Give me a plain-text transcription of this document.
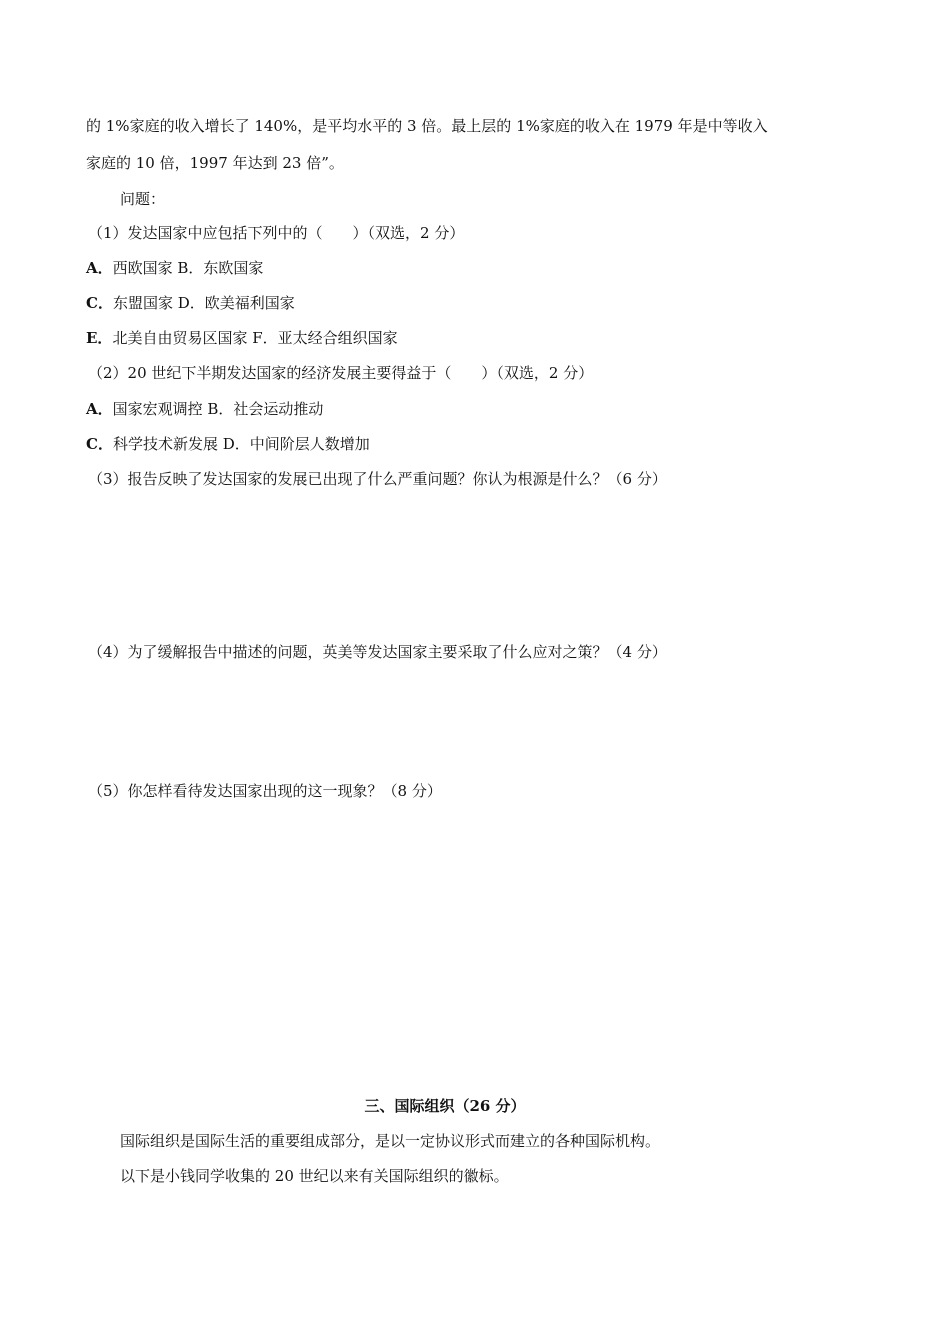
的 1%家庭的收入增长了 140%，是平均水平的 3 倍。最上层的 1%家庭的收入在 1979 年是中等收入
家庭的 10 倍，1997 年达到 23 倍”。
问题：
（1）发达国家中应包括下列中的（　　）（双选，2 分）
A．西欧国家 B．东欧国家
C．东盟国家 D．欧美福利国家
E．北美自由贸易区国家 F．亚太经合组织国家
（2）20 世纪下半期发达国家的经济发展主要得益于（　　）（双选，2 分）
A．国家宏观调控 B．社会运动推动
C．科学技术新发展 D．中间阶层人数增加
（3）报告反映了发达国家的发展已出现了什么严重问题？你认为根源是什么？（6 分）
（4）为了缓解报告中描述的问题，英美等发达国家主要采取了什么应对之策？（4 分）
（5）你怎样看待发达国家出现的这一现象？（8 分）
三、国际组织（26 分）
国际组织是国际生活的重要组成部分，是以一定协议形式而建立的各种国际机构。
以下是小钱同学收集的 20 世纪以来有关国际组织的徽标。
